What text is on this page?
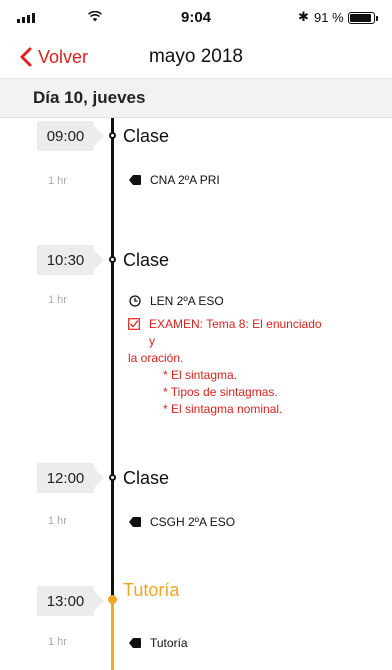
9:04	✱ 91 %
Volver	mayo 2018
Día 10, jueves
09:00	Clase
1 hr	CNA 2ºA PRI
10:30	Clase
1 hr	LEN 2ºA ESO
EXAMEN: Tema 8: El enunciado y
la oración.
* El sintagma.
* Tipos de sintagmas.
* El sintagma nominal.
12:00	Clase
1 hr	CSGH 2ºA ESO
13:00
Tutoría
1 hr	Tutoría
